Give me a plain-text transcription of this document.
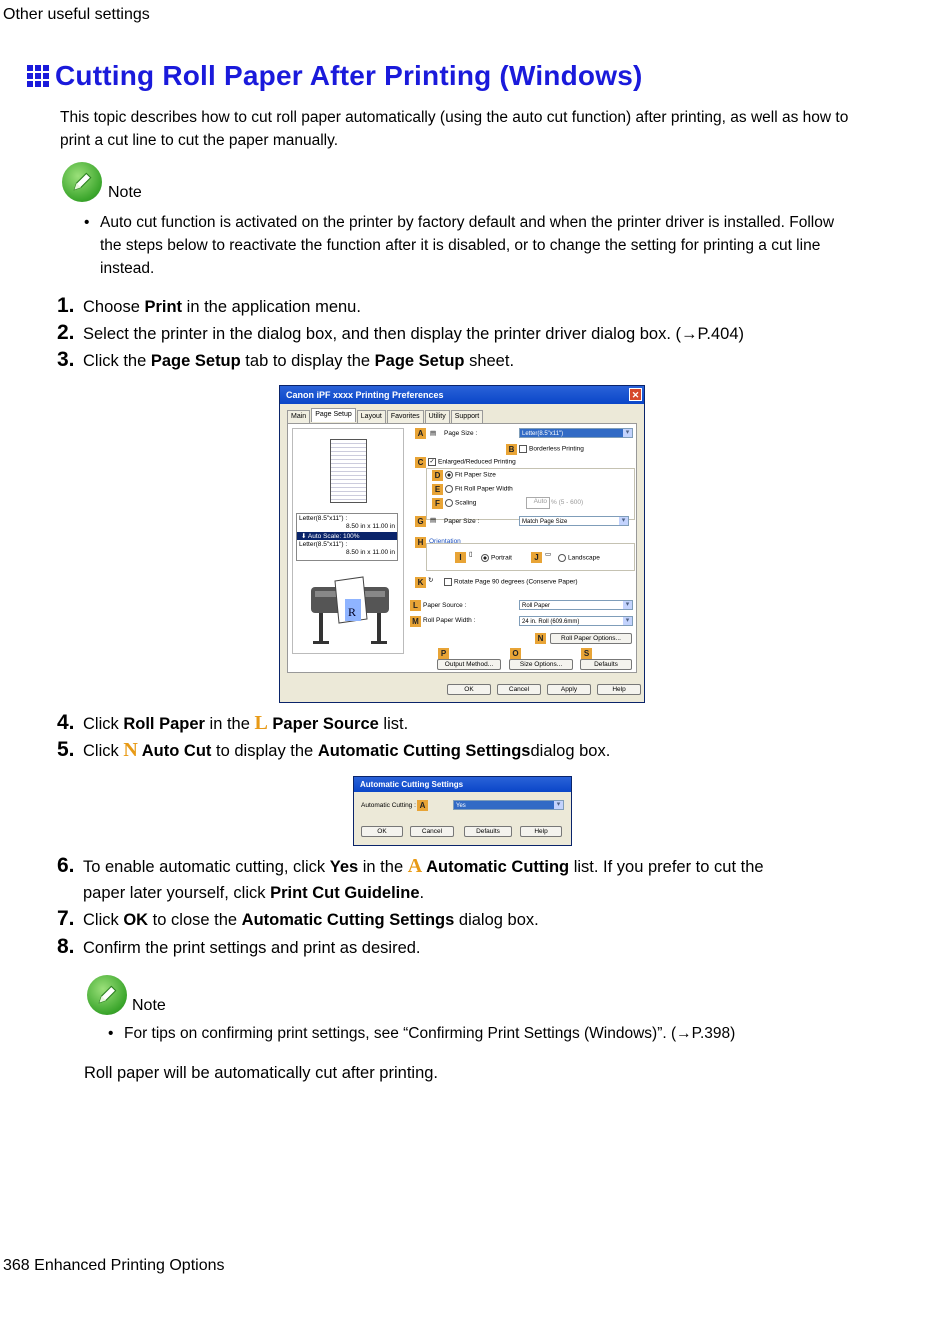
Other useful settings
Cutting Roll Paper After Printing (Windows)
This topic describes how to cut roll paper automatically (using the auto cut function) after printing, as well as how to print a cut line to cut the paper manually.
Note
• Auto cut function is activated on the printer by factory default and when the printer driver is installed. Follow the steps below to reactivate the function after it is disabled, or to change the setting for printing a cut line instead.
1. Choose Print in the application menu.
2. Select the printer in the dialog box, and then display the printer driver dialog box. (→P.404)
3. Click the Page Setup tab to display the Page Setup sheet.
Canon iPF xxxx Printing Preferences	✕
Main	Page Setup	Layout	Favorites	Utility	Support
Letter(8.5"x11") :
8.50 in x 11.00 in
⬇ Auto Scale: 100%
Letter(8.5"x11") :
8.50 in x 11.00 in
R
A	▤ Page Size :	Letter(8.5"x11") ▾
B	Borderless Printing
C	✓ Enlarged/Reduced Printing
D	Fit Paper Size
E	Fit Roll Paper Width
F	Scaling	Auto % (5 - 600)
G ▤ Paper Size :	Match Page Size ▾
H Orientation
I	▯
Portrait	J ▭
Landscape
K ↻	Rotate Page 90 degrees (Conserve Paper)
L Paper Source :	Roll Paper ▾
M Roll Paper Width :	24 in. Roll (609.6mm) ▾
N	Roll Paper Options...
P	O	S
Output Method...	Size Options...	Defaults
OK	Cancel	Apply	Help
4. Click Roll Paper in the L Paper Source list.
5. Click N Auto Cut to display the Automatic Cutting Settingsdialog box.
Automatic Cutting Settings
Automatic Cutting : A	Yes ▾
OK	Cancel	Defaults	Help
6. To enable automatic cutting, click Yes in the A Automatic Cutting list. If you prefer to cut the
paper later yourself, click Print Cut Guideline.
7. Click OK to close the Automatic Cutting Settings dialog box.
8. Confirm the print settings and print as desired.
Note
• For tips on confirming print settings, see “Confirming Print Settings (Windows)”. (→P.398)
Roll paper will be automatically cut after printing.
368 Enhanced Printing Options
